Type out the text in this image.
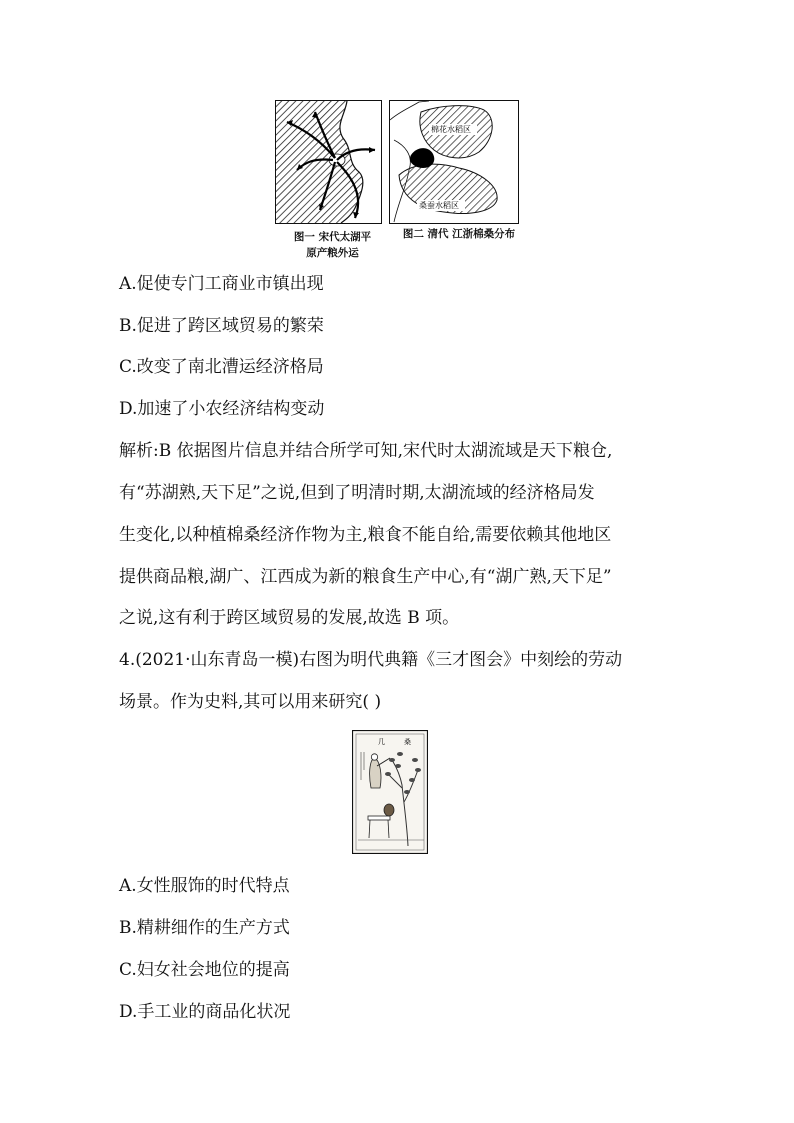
图一 宋代太湖平
原产粮外运
棉花水稻区
桑蚕水稻区
图二 清代 江浙棉桑分布
A.促使专门工商业市镇出现
B.促进了跨区域贸易的繁荣
C.改变了南北漕运经济格局
D.加速了小农经济结构变动
解析:B 依据图片信息并结合所学可知,宋代时太湖流域是天下粮仓,
有“苏湖熟,天下足”之说,但到了明清时期,太湖流域的经济格局发
生变化,以种植棉桑经济作物为主,粮食不能自给,需要依赖其他地区
提供商品粮,湖广、江西成为新的粮食生产中心,有“湖广熟,天下足”
之说,这有利于跨区域贸易的发展,故选 B 项。
4.(2021·山东青岛一模)右图为明代典籍《三才图会》中刻绘的劳动
场景。作为史料,其可以用来研究( )
几	桑
A.女性服饰的时代特点
B.精耕细作的生产方式
C.妇女社会地位的提高
D.手工业的商品化状况
